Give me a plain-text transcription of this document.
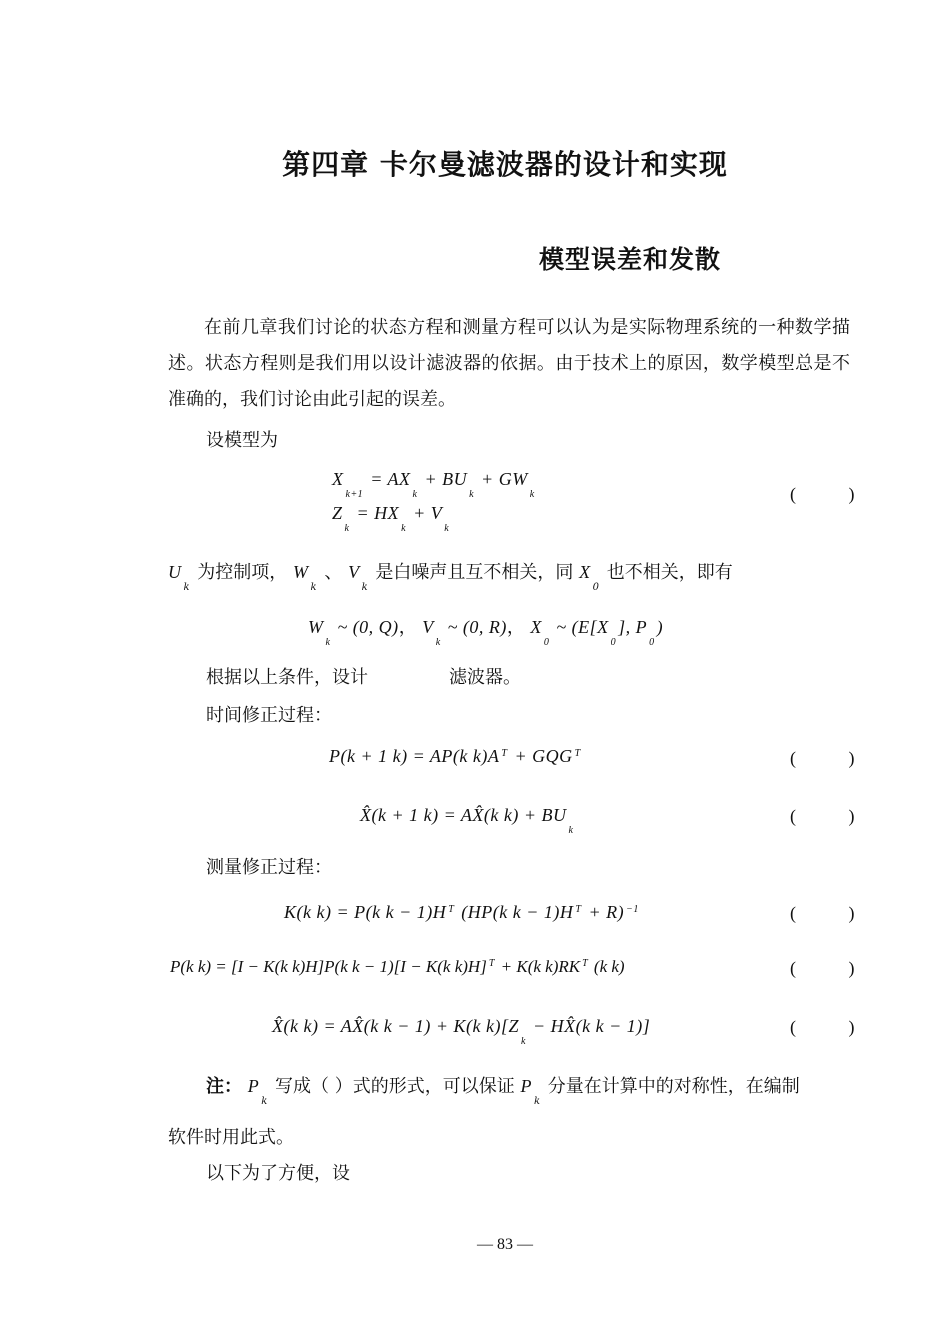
第四章 卡尔曼滤波器的设计和实现
模型误差和发散
在前几章我们讨论的状态方程和测量方程可以认为是实际物理系统的一种数学描述。状态方程则是我们用以设计滤波器的依据。由于技术上的原因，数学模型总是不准确的，我们讨论由此引起的误差。
设模型为
$X_{k+1} = AX_k + BU_k + GW_k$	( )
$Z_k = HX_k + V_k$
$U_k$ 为控制项， $W_k$ 、 $V_k$ 是白噪声且互不相关，同 $X_0$ 也不相关，即有
$W_k$ ~ (0, Q)， $V_k$ ~ (0, R)， $X_0$ ~ ($E[X_0]$, $P_0$)
根据以上条件，设计	滤波器。
时间修正过程：
P(k + 1 k) = AP(k k)A $^T$ + GQG $^T$	( )
X̂(k + 1 k) = AX̂(k $k) + BU_k$
( )
测量修正过程：
K(k k) = P(k k − 1)H $^T$ (HP(k k − 1)H $^T$ + R) $^{-1}$	( )
P(k k) = [I − K(k k)H]P(k k − 1)[I − K(k k)H] $^T$ + K(k k)RK $^T$ (k k)	( )
X̂(k k) = AX̂(k k − 1) + K(k $k)[Z_k$ − HX̂(k k − 1)]	( )
注： $P_k$ 写成（ ）式的形式，可以保证 $P_k$ 分量在计算中的对称性，在编制
软件时用此式。
以下为了方便，设
— 83 —
